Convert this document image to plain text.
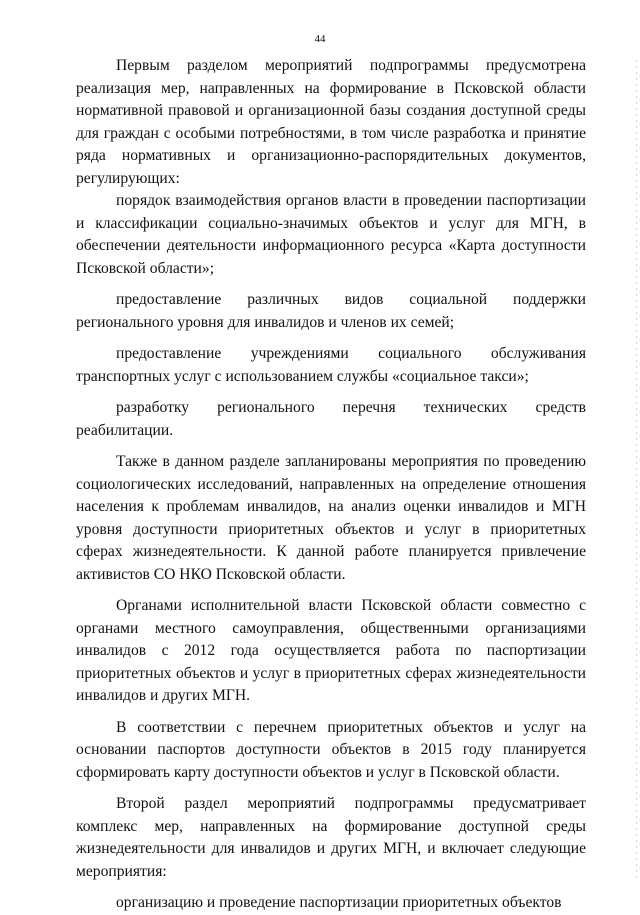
44

Первым разделом мероприятий подпрограммы предусмотрена реализация мер, направленных на формирование в Псковской области нормативной правовой и организационной базы создания доступной среды для граждан с особыми потребностями, в том числе разработка и принятие ряда нормативных и организационно-распорядительных документов, регулирующих:

порядок взаимодействия органов власти в проведении паспортизации и классификации социально-значимых объектов и услуг для МГН, в обеспечении деятельности информационного ресурса «Карта доступности Псковской области»;

предоставление различных видов социальной поддержки регионального уровня для инвалидов и членов их семей;

предоставление учреждениями социального обслуживания транспортных услуг с использованием службы «социальное такси»;

разработку регионального перечня технических средств реабилитации.

Также в данном разделе запланированы мероприятия по проведению социологических исследований, направленных на определение отношения населения к проблемам инвалидов, на анализ оценки инвалидов и МГН уровня доступности приоритетных объектов и услуг в приоритетных сферах жизнедеятельности. К данной работе планируется привлечение активистов СО НКО Псковской области.

Органами исполнительной власти Псковской области совместно с органами местного самоуправления, общественными организациями инвалидов с 2012 года осуществляется работа по паспортизации приоритетных объектов и услуг в приоритетных сферах жизнедеятельности инвалидов и других МГН.

В соответствии с перечнем приоритетных объектов и услуг на основании паспортов доступности объектов в 2015 году планируется сформировать карту доступности объектов и услуг в Псковской области.

Второй раздел мероприятий подпрограммы предусматривает комплекс мер, направленных на формирование доступной среды жизнедеятельности для инвалидов и других МГН, и включает следующие мероприятия:

организацию и проведение паспортизации приоритетных объектов
